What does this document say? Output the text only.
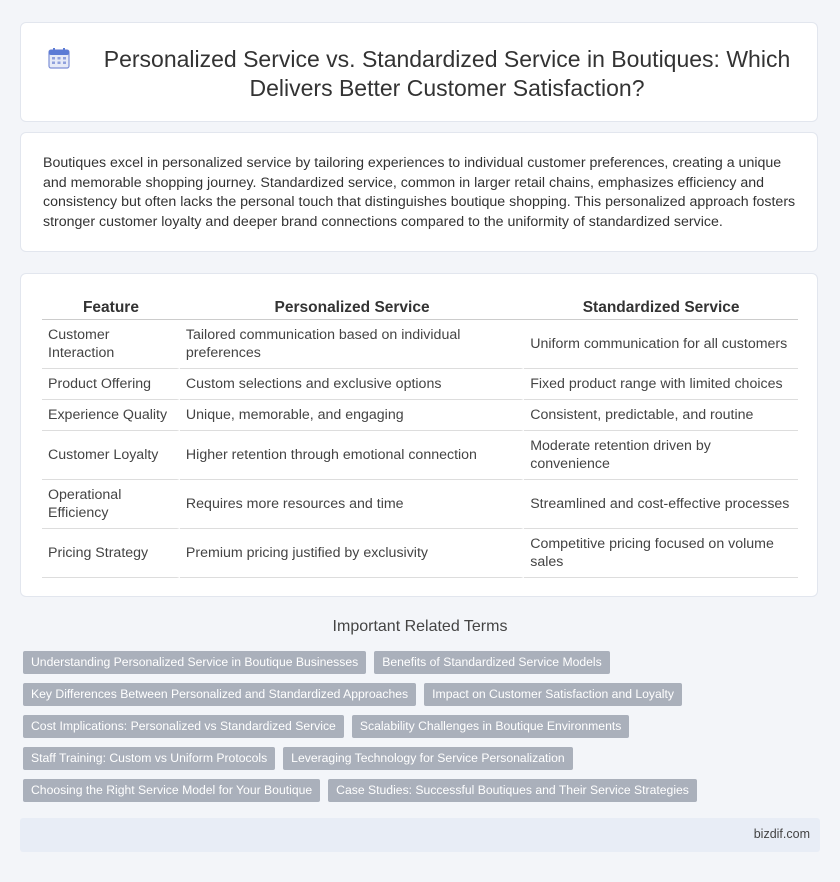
Personalized Service vs. Standardized Service in Boutiques: Which Delivers Better Customer Satisfaction?
Boutiques excel in personalized service by tailoring experiences to individual customer preferences, creating a unique and memorable shopping journey. Standardized service, common in larger retail chains, emphasizes efficiency and consistency but often lacks the personal touch that distinguishes boutique shopping. This personalized approach fosters stronger customer loyalty and deeper brand connections compared to the uniformity of standardized service.
Feature	Personalized Service	Standardized Service
Customer Interaction	Tailored communication based on individual preferences	Uniform communication for all customers
Product Offering	Custom selections and exclusive options	Fixed product range with limited choices
Experience Quality	Unique, memorable, and engaging	Consistent, predictable, and routine
Customer Loyalty	Higher retention through emotional connection	Moderate retention driven by convenience
Operational Efficiency	Requires more resources and time	Streamlined and cost-effective processes
Pricing Strategy	Premium pricing justified by exclusivity	Competitive pricing focused on volume sales
Important Related Terms
Understanding Personalized Service in Boutique Businesses	Benefits of Standardized Service Models
Key Differences Between Personalized and Standardized Approaches	Impact on Customer Satisfaction and Loyalty
Cost Implications: Personalized vs Standardized Service	Scalability Challenges in Boutique Environments
Staff Training: Custom vs Uniform Protocols	Leveraging Technology for Service Personalization
Choosing the Right Service Model for Your Boutique	Case Studies: Successful Boutiques and Their Service Strategies
bizdif.com
